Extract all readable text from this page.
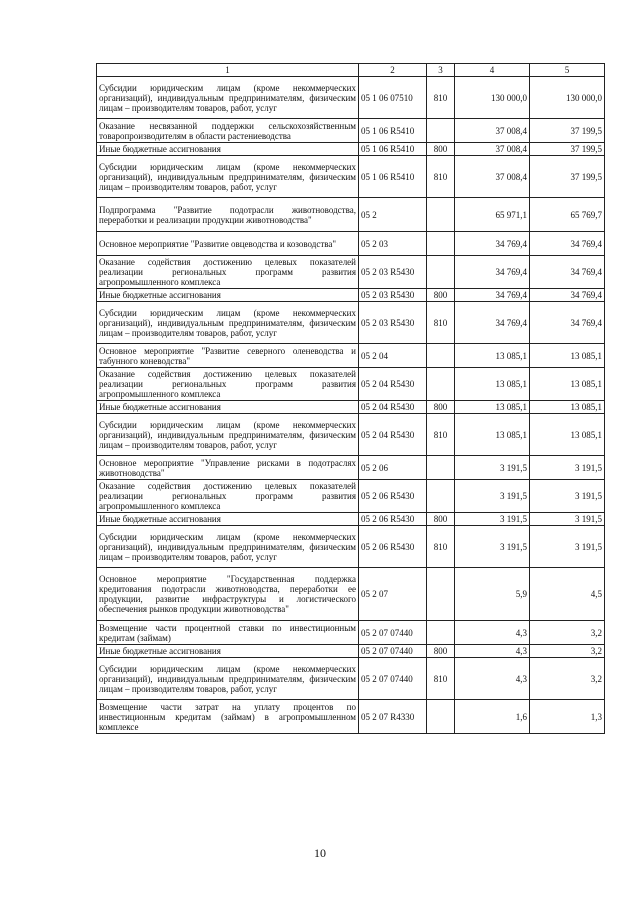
1	2	3	4	5
Субсидии юридическим лицам (кроме некоммерческих организаций), индивидуальным предпринимателям, физическим лицам – производителям товаров, работ, услуг	05 1 06 07510	810	130 000,0	130 000,0
Оказание несвязанной поддержки сельскохозяйственным товаропроизводителям в области растениеводства	05 1 06 R5410		37 008,4	37 199,5
Иные бюджетные ассигнования	05 1 06 R5410	800	37 008,4	37 199,5
Субсидии юридическим лицам (кроме некоммерческих организаций), индивидуальным предпринимателям, физическим лицам – производителям товаров, работ, услуг	05 1 06 R5410	810	37 008,4	37 199,5
Подпрограмма "Развитие подотрасли животноводства, переработки и реализации продукции животноводства"	05 2		65 971,1	65 769,7
Основное мероприятие "Развитие овцеводства и козоводства"	05 2 03		34 769,4	34 769,4
Оказание содействия достижению целевых показателей реализации региональных программ развития агропромышленного комплекса	05 2 03 R5430		34 769,4	34 769,4
Иные бюджетные ассигнования	05 2 03 R5430	800	34 769,4	34 769,4
Субсидии юридическим лицам (кроме некоммерческих организаций), индивидуальным предпринимателям, физическим лицам – производителям товаров, работ, услуг	05 2 03 R5430	810	34 769,4	34 769,4
Основное мероприятие "Развитие северного оленеводства и табунного коневодства"	05 2 04		13 085,1	13 085,1
Оказание содействия достижению целевых показателей реализации региональных программ развития агропромышленного комплекса	05 2 04 R5430		13 085,1	13 085,1
Иные бюджетные ассигнования	05 2 04 R5430	800	13 085,1	13 085,1
Субсидии юридическим лицам (кроме некоммерческих организаций), индивидуальным предпринимателям, физическим лицам – производителям товаров, работ, услуг	05 2 04 R5430	810	13 085,1	13 085,1
Основное мероприятие "Управление рисками в подотраслях животноводства"	05 2 06		3 191,5	3 191,5
Оказание содействия достижению целевых показателей реализации региональных программ развития агропромышленного комплекса	05 2 06 R5430		3 191,5	3 191,5
Иные бюджетные ассигнования	05 2 06 R5430	800	3 191,5	3 191,5
Субсидии юридическим лицам (кроме некоммерческих организаций), индивидуальным предпринимателям, физическим лицам – производителям товаров, работ, услуг	05 2 06 R5430	810	3 191,5	3 191,5
Основное мероприятие "Государственная поддержка кредитования подотрасли животноводства, переработки ее продукции, развитие инфраструктуры и логистического обеспечения рынков продукции животноводства"	05 2 07		5,9	4,5
Возмещение части процентной ставки по инвестиционным кредитам (займам)	05 2 07 07440		4,3	3,2
Иные бюджетные ассигнования	05 2 07 07440	800	4,3	3,2
Субсидии юридическим лицам (кроме некоммерческих организаций), индивидуальным предпринимателям, физическим лицам – производителям товаров, работ, услуг	05 2 07 07440	810	4,3	3,2
Возмещение части затрат на уплату процентов по инвестиционным кредитам (займам) в агропромышленном комплексе	05 2 07 R4330		1,6	1,3
10
